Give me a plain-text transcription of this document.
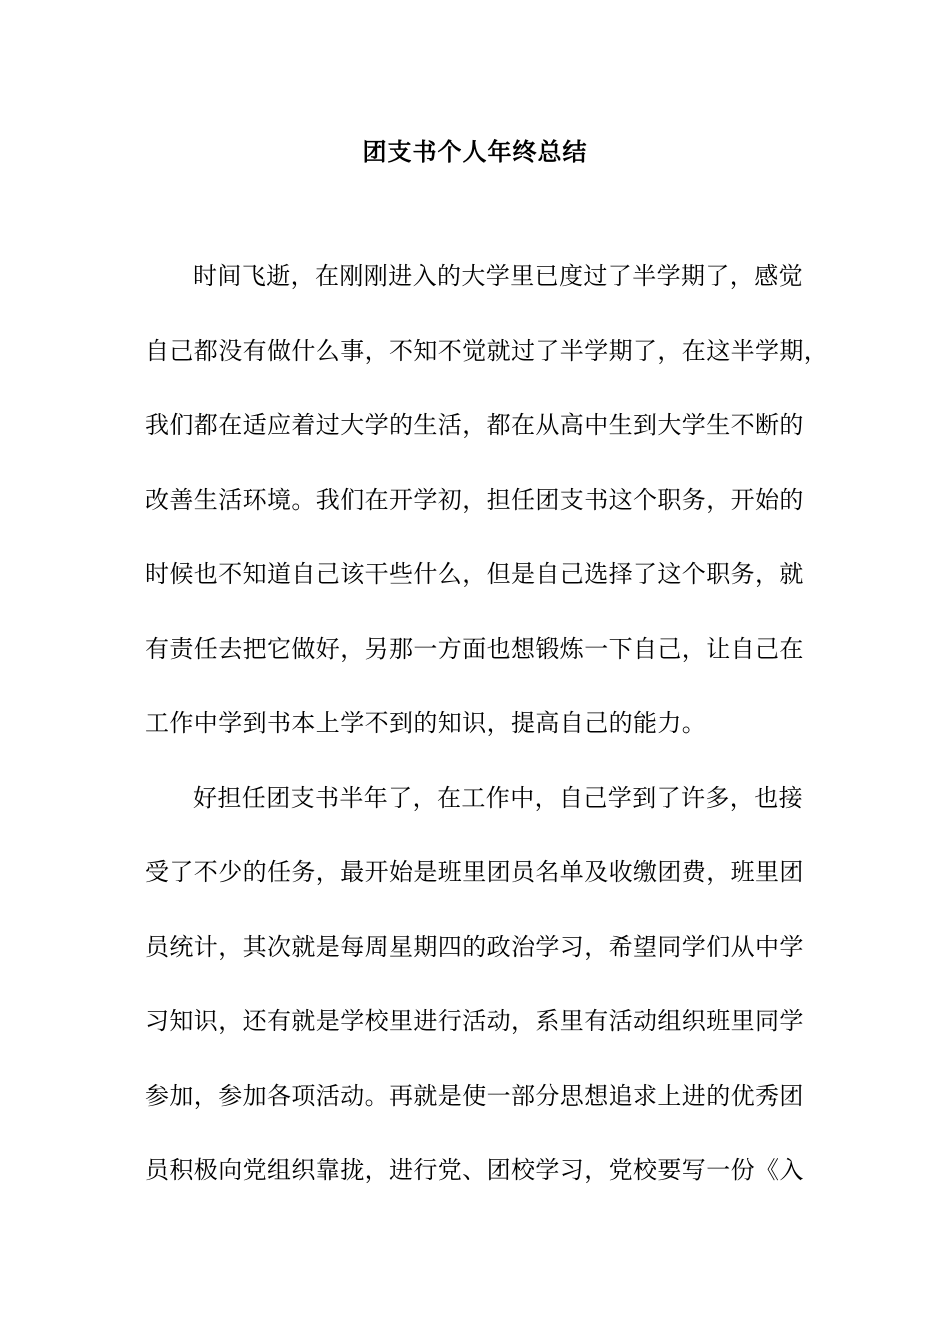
团支书个人年终总结
时间飞逝，在刚刚进入的大学里已度过了半学期了，感觉
自己都没有做什么事，不知不觉就过了半学期了，在这半学期，
我们都在适应着过大学的生活，都在从高中生到大学生不断的
改善生活环境。我们在开学初，担任团支书这个职务，开始的
时候也不知道自己该干些什么，但是自己选择了这个职务，就
有责任去把它做好，另那一方面也想锻炼一下自己，让自己在
工作中学到书本上学不到的知识，提高自己的能力。
好担任团支书半年了，在工作中，自己学到了许多，也接
受了不少的任务，最开始是班里团员名单及收缴团费，班里团
员统计，其次就是每周星期四的政治学习，希望同学们从中学
习知识，还有就是学校里进行活动，系里有活动组织班里同学
参加，参加各项活动。再就是使一部分思想追求上进的优秀团
员积极向党组织靠拢，进行党、团校学习，党校要写一份《入
